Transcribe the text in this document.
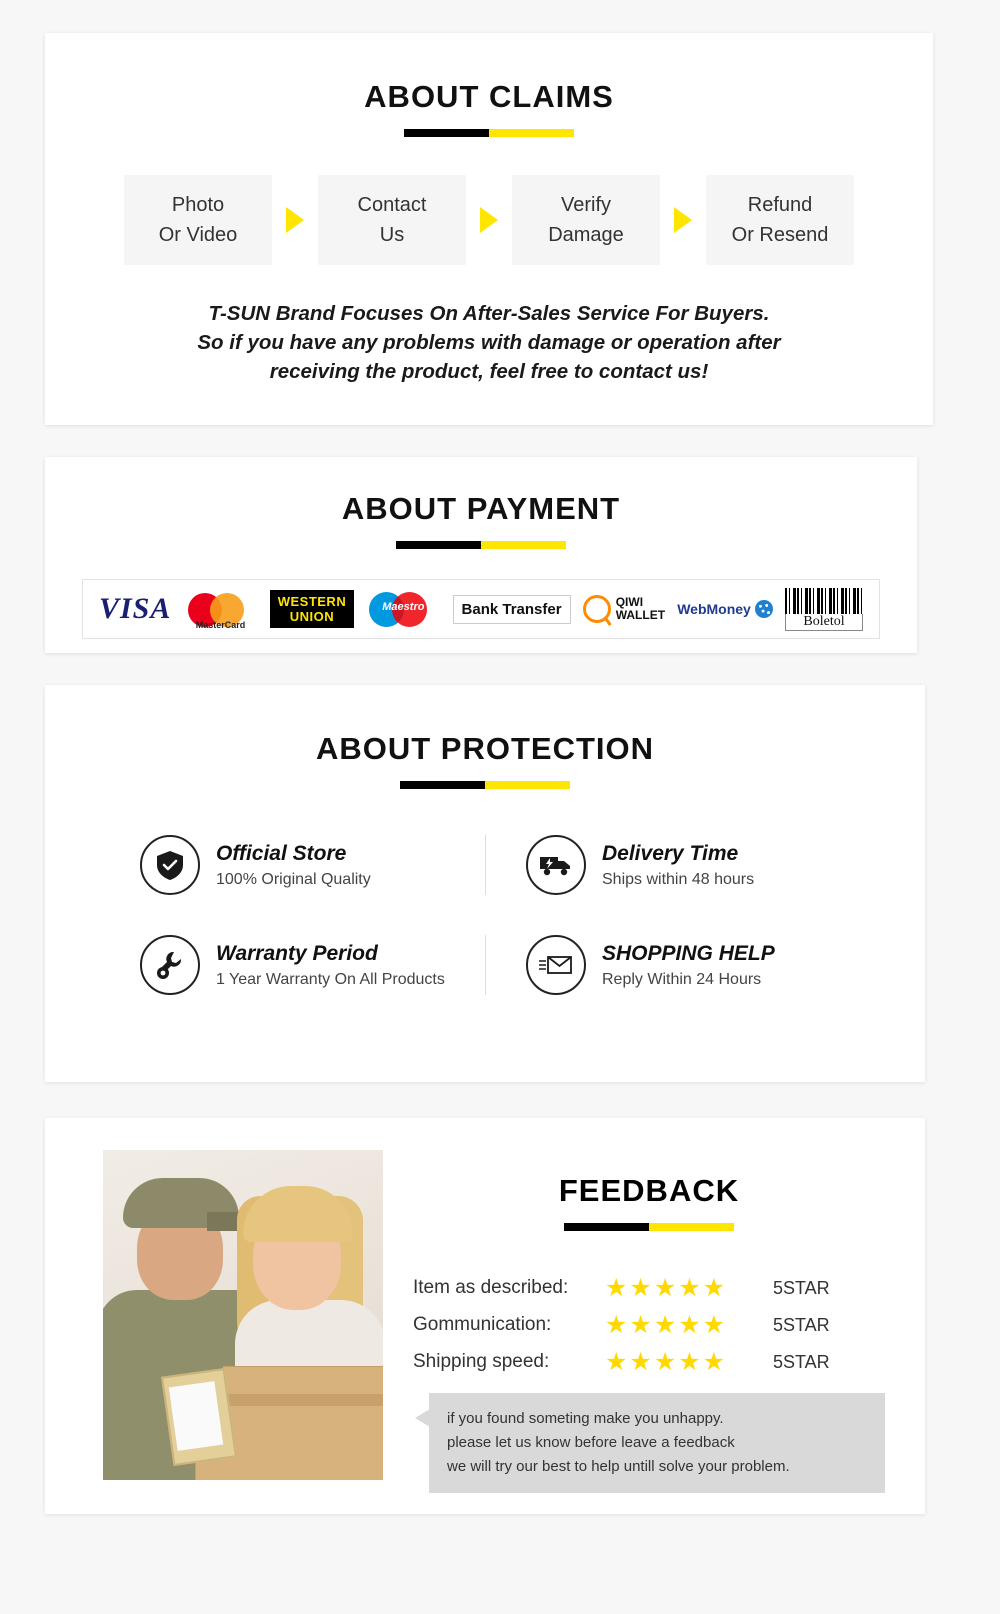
ABOUT CLAIMS
Photo
Or Video
Contact
Us
Verify
Damage
Refund
Or Resend
T-SUN Brand Focuses On After-Sales Service For Buyers.
So if you have any problems with damage or operation after
receiving the product, feel free to contact us!
ABOUT PAYMENT
VISA	MasterCard
WESTERN
UNION
Maestro	Bank Transfer	QIWI
WALLET WebMoney
Boletol
ABOUT PROTECTION
Official Store

100% Original Quality

Delivery Time

Ships within 48 hours

Warranty Period

1 Year Warranty On All Products

SHOPPING HELP

Reply Within 24 Hours

FEEDBACK
Item as described:	★★★★★	5STAR
Gommunication:	★★★★★	5STAR
Shipping speed:	★★★★★	5STAR
if you found someting make you unhappy.
please let us know before leave a feedback
we will try our best to help untill solve your problem.
